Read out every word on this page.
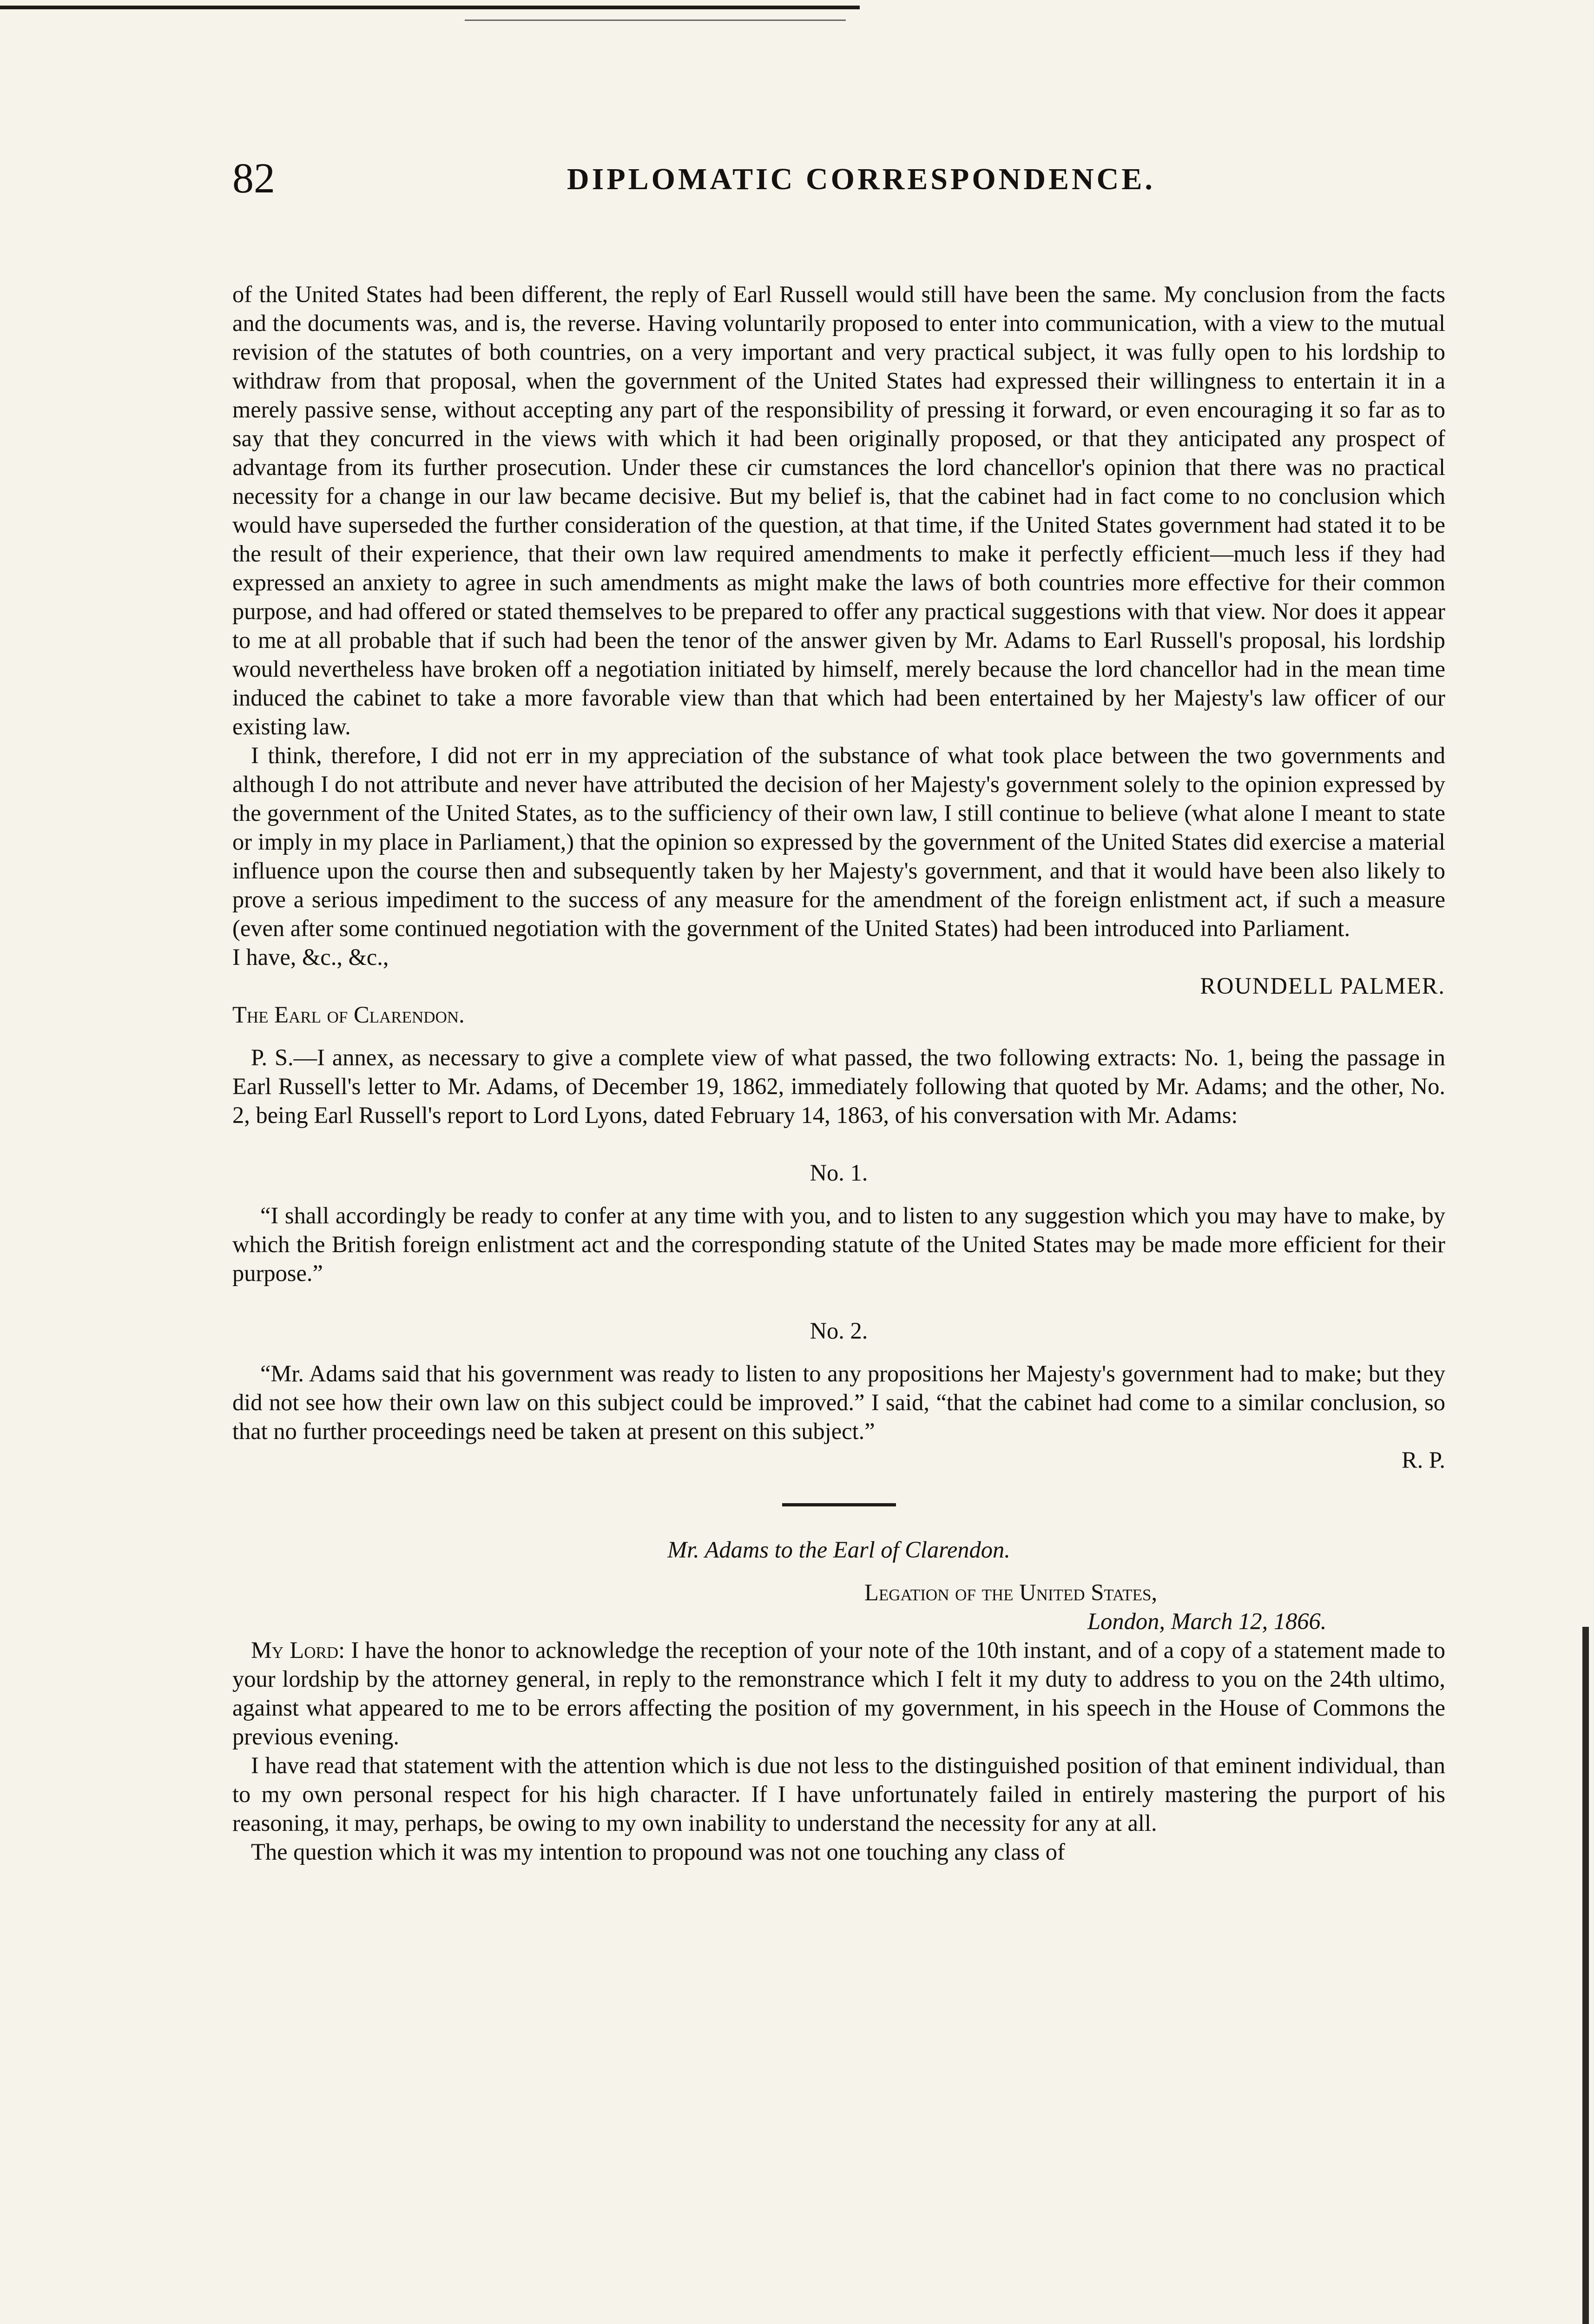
82	DIPLOMATIC CORRESPONDENCE.

of the United States had been different, the reply of Earl Russell would still have been the same. My conclusion from the facts and the documents was, and is, the reverse. Having voluntarily proposed to enter into communication, with a view to the mutual revision of the statutes of both countries, on a very important and very practical subject, it was fully open to his lordship to withdraw from that proposal, when the government of the United States had expressed their willingness to entertain it in a merely passive sense, without accepting any part of the responsibility of pressing it forward, or even encouraging it so far as to say that they concurred in the views with which it had been originally proposed, or that they anticipated any prospect of advantage from its further prosecution. Under these cir cumstances the lord chancellor's opinion that there was no practical necessity for a change in our law became decisive. But my belief is, that the cabinet had in fact come to no conclusion which would have superseded the further consideration of the question, at that time, if the United States government had stated it to be the result of their experience, that their own law required amendments to make it perfectly efficient—much less if they had expressed an anxiety to agree in such amendments as might make the laws of both countries more effective for their common purpose, and had offered or stated themselves to be prepared to offer any practical suggestions with that view. Nor does it appear to me at all probable that if such had been the tenor of the answer given by Mr. Adams to Earl Russell's proposal, his lordship would nevertheless have broken off a negotiation initiated by himself, merely because the lord chancellor had in the mean time induced the cabinet to take a more favorable view than that which had been entertained by her Majesty's law officer of our existing law.

I think, therefore, I did not err in my appreciation of the substance of what took place between the two governments and although I do not attribute and never have attributed the decision of her Majesty's government solely to the opinion expressed by the government of the United States, as to the sufficiency of their own law, I still continue to believe (what alone I meant to state or imply in my place in Parliament,) that the opinion so expressed by the government of the United States did exercise a material influence upon the course then and subsequently taken by her Majesty's government, and that it would have been also likely to prove a serious impediment to the success of any measure for the amendment of the foreign enlistment act, if such a measure (even after some continued negotiation with the government of the United States) had been introduced into Parliament.

I have, &c., &c.,

ROUNDELL PALMER.

The Earl of Clarendon.

P. S.—I annex, as necessary to give a complete view of what passed, the two following extracts: No. 1, being the passage in Earl Russell's letter to Mr. Adams, of December 19, 1862, immediately following that quoted by Mr. Adams; and the other, No. 2, being Earl Russell's report to Lord Lyons, dated February 14, 1863, of his conversation with Mr. Adams:

No. 1.

“I shall accordingly be ready to confer at any time with you, and to listen to any suggestion which you may have to make, by which the British foreign enlistment act and the corresponding statute of the United States may be made more efficient for their purpose.”

No. 2.

“Mr. Adams said that his government was ready to listen to any propositions her Majesty's government had to make; but they did not see how their own law on this subject could be improved.” I said, “that the cabinet had come to a similar conclusion, so that no further proceedings need be taken at present on this subject.”

R. P.

Mr. Adams to the Earl of Clarendon.

Legation of the United States,

London, March 12, 1866.

My Lord: I have the honor to acknowledge the reception of your note of the 10th instant, and of a copy of a statement made to your lordship by the attorney general, in reply to the remonstrance which I felt it my duty to address to you on the 24th ultimo, against what appeared to me to be errors affecting the position of my government, in his speech in the House of Commons the previous evening.

I have read that statement with the attention which is due not less to the distinguished position of that eminent individual, than to my own personal respect for his high character. If I have unfortunately failed in entirely mastering the purport of his reasoning, it may, perhaps, be owing to my own inability to understand the necessity for any at all.

The question which it was my intention to propound was not one touching any class of
